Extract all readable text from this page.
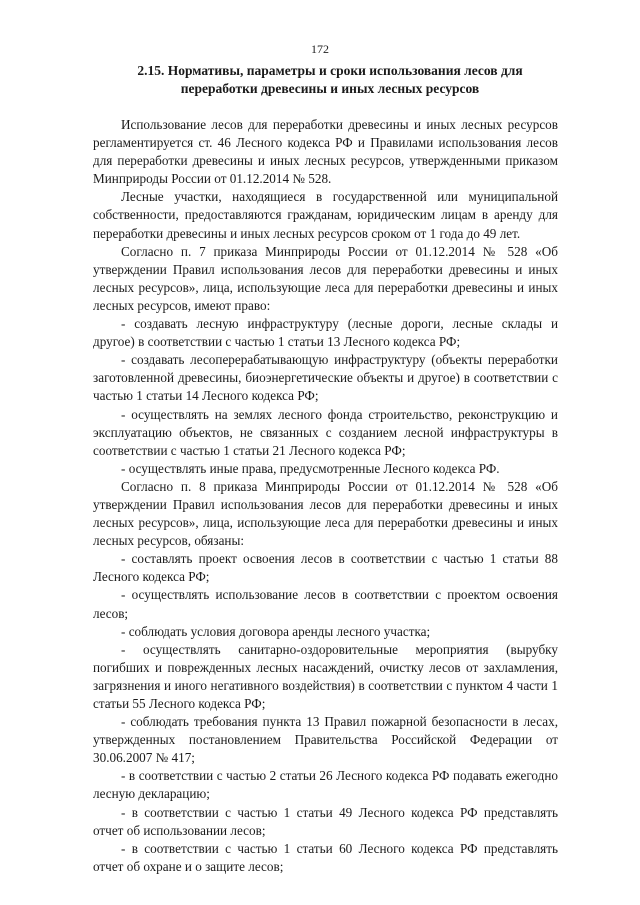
172
2.15. Нормативы, параметры и сроки использования лесов для
переработки древесины и иных лесных ресурсов

Использование лесов для переработки древесины и иных лесных ресурсов регламентируется ст. 46 Лесного кодекса РФ и Правилами использования лесов для переработки древесины и иных лесных ресурсов, утвержденными приказом Минприроды России от 01.12.2014 № 528.

Лесные участки, находящиеся в государственной или муниципальной собственности, предоставляются гражданам, юридическим лицам в аренду для переработки древесины и иных лесных ресурсов сроком от 1 года до 49 лет.

Согласно п. 7 приказа Минприроды России от 01.12.2014 № 528 «Об утверждении Правил использования лесов для переработки древесины и иных лесных ресурсов», лица, использующие леса для переработки древесины и иных лесных ресурсов, имеют право:

- создавать лесную инфраструктуру (лесные дороги, лесные склады и другое) в соответствии с частью 1 статьи 13 Лесного кодекса РФ;

- создавать лесоперерабатывающую инфраструктуру (объекты переработки заготовленной древесины, биоэнергетические объекты и другое) в соответствии с частью 1 статьи 14 Лесного кодекса РФ;

- осуществлять на землях лесного фонда строительство, реконструкцию и эксплуатацию объектов, не связанных с созданием лесной инфраструктуры в соответствии с частью 1 статьи 21 Лесного кодекса РФ;

- осуществлять иные права, предусмотренные Лесного кодекса РФ.

Согласно п. 8 приказа Минприроды России от 01.12.2014 № 528 «Об утверждении Правил использования лесов для переработки древесины и иных лесных ресурсов», лица, использующие леса для переработки древесины и иных лесных ресурсов, обязаны:

- составлять проект освоения лесов в соответствии с частью 1 статьи 88 Лесного кодекса РФ;

- осуществлять использование лесов в соответствии с проектом освоения лесов;

- соблюдать условия договора аренды лесного участка;

- осуществлять санитарно-оздоровительные мероприятия (вырубку погибших и поврежденных лесных насаждений, очистку лесов от захламления, загрязнения и иного негативного воздействия) в соответствии с пунктом 4 части 1 статьи 55 Лесного кодекса РФ;

- соблюдать требования пункта 13 Правил пожарной безопасности в лесах, утвержденных постановлением Правительства Российской Федерации от 30.06.2007 № 417;

- в соответствии с частью 2 статьи 26 Лесного кодекса РФ подавать ежегодно лесную декларацию;

- в соответствии с частью 1 статьи 49 Лесного кодекса РФ представлять отчет об использовании лесов;

- в соответствии с частью 1 статьи 60 Лесного кодекса РФ представлять отчет об охране и о защите лесов;
